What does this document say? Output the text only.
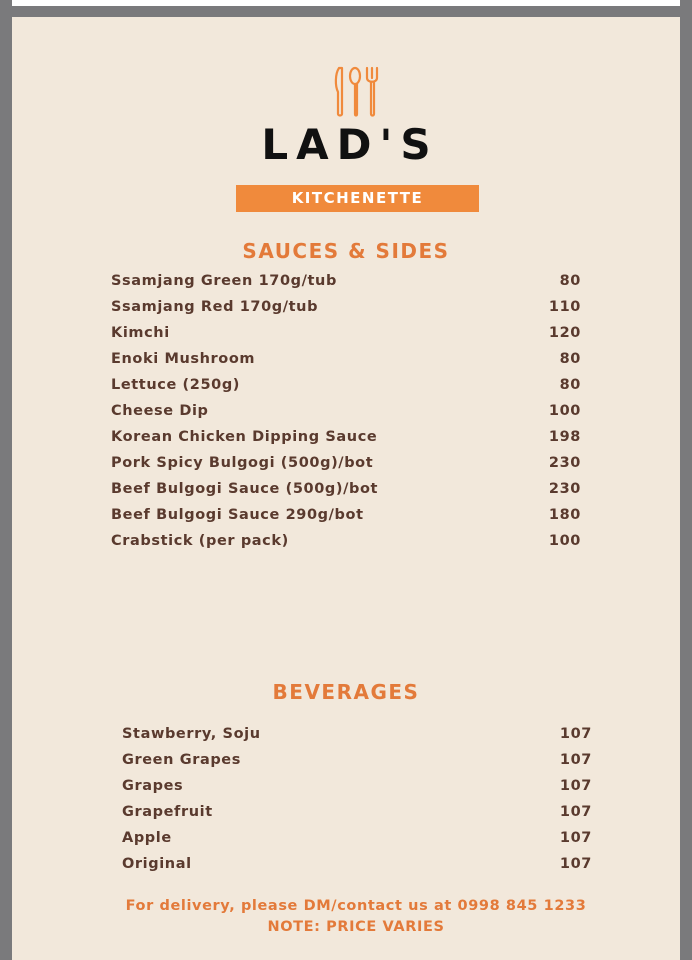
LAD'S
KITCHENETTE
SAUCES & SIDES
Ssamjang Green 170g/tub	80
Ssamjang Red 170g/tub	110
Kimchi	120
Enoki Mushroom	80
Lettuce (250g)	80
Cheese Dip	100
Korean Chicken Dipping Sauce	198
Pork Spicy Bulgogi (500g)/bot	230
Beef Bulgogi Sauce (500g)/bot	230
Beef Bulgogi Sauce 290g/bot	180
Crabstick (per pack)	100
BEVERAGES
Stawberry, Soju	107
Green Grapes	107
Grapes	107
Grapefruit	107
Apple	107
Original	107
For delivery, please DM/contact us at 0998 845 1233
NOTE: PRICE VARIES
